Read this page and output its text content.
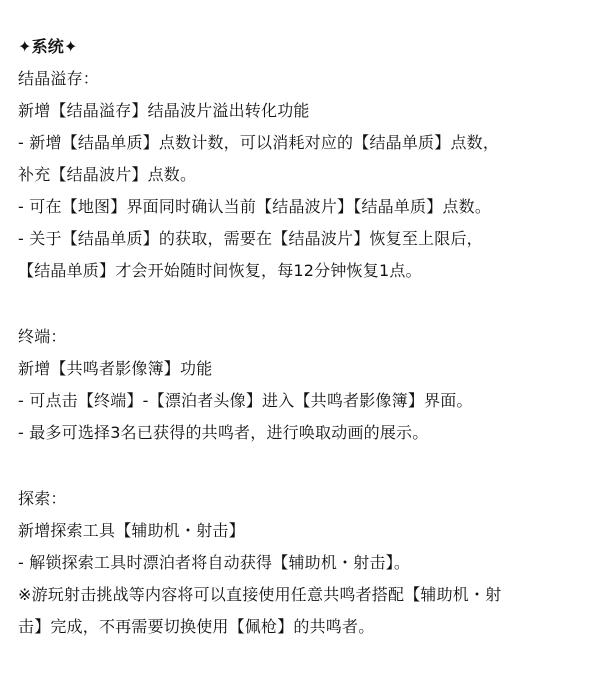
✦系统✦
结晶溢存：
新增【结晶溢存】结晶波片溢出转化功能
- 新增【结晶单质】点数计数，可以消耗对应的【结晶单质】点数，
补充【结晶波片】点数。
- 可在【地图】界面同时确认当前【结晶波片】【结晶单质】点数。
- 关于【结晶单质】的获取，需要在【结晶波片】恢复至上限后，
【结晶单质】才会开始随时间恢复，每12分钟恢复1点。
终端：
新增【共鸣者影像簿】功能
- 可点击【终端】-【漂泊者头像】进入【共鸣者影像簿】界面。
- 最多可选择3名已获得的共鸣者，进行唤取动画的展示。
探索：
新增探索工具【辅助机・射击】
- 解锁探索工具时漂泊者将自动获得【辅助机・射击】。
※游玩射击挑战等内容将可以直接使用任意共鸣者搭配【辅助机・射
击】完成，不再需要切换使用【佩枪】的共鸣者。
